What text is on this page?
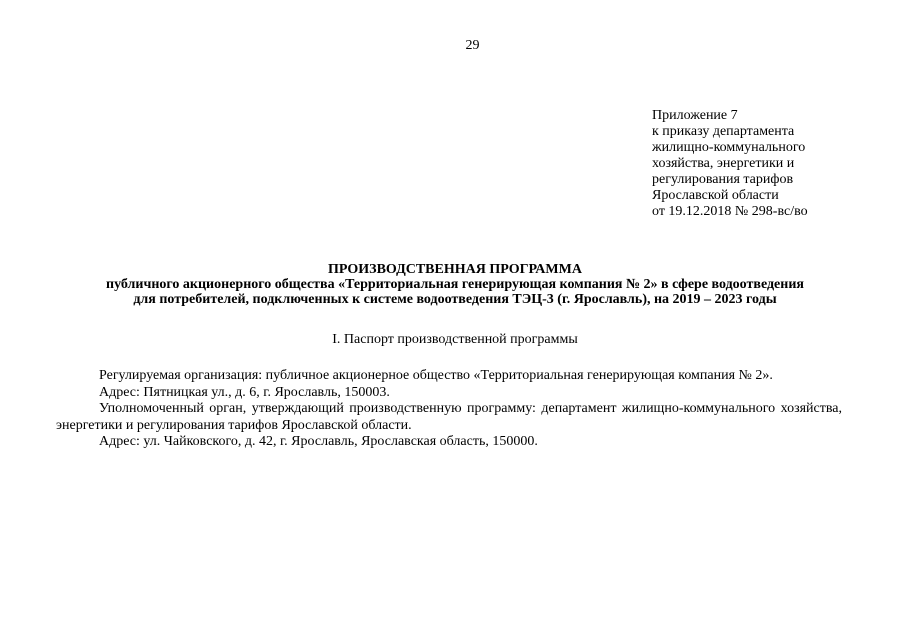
29
Приложение 7
к приказу департамента
жилищно-коммунального
хозяйства, энергетики и
регулирования тарифов
Ярославской области
от 19.12.2018 № 298-вс/во
ПРОИЗВОДСТВЕННАЯ ПРОГРАММА
публичного акционерного общества «Территориальная генерирующая компания № 2» в сфере водоотведения
для потребителей, подключенных к системе водоотведения ТЭЦ-3 (г. Ярославль), на 2019 – 2023 годы
I. Паспорт производственной программы

Регулируемая организация: публичное акционерное общество «Территориальная генерирующая компания № 2».

Адрес: Пятницкая ул., д. 6, г. Ярославль, 150003.

Уполномоченный орган, утверждающий производственную программу: департамент жилищно-коммунального хозяйства, энергетики и регулирования тарифов Ярославской области.

Адрес: ул. Чайковского, д. 42, г. Ярославль, Ярославская область, 150000.
